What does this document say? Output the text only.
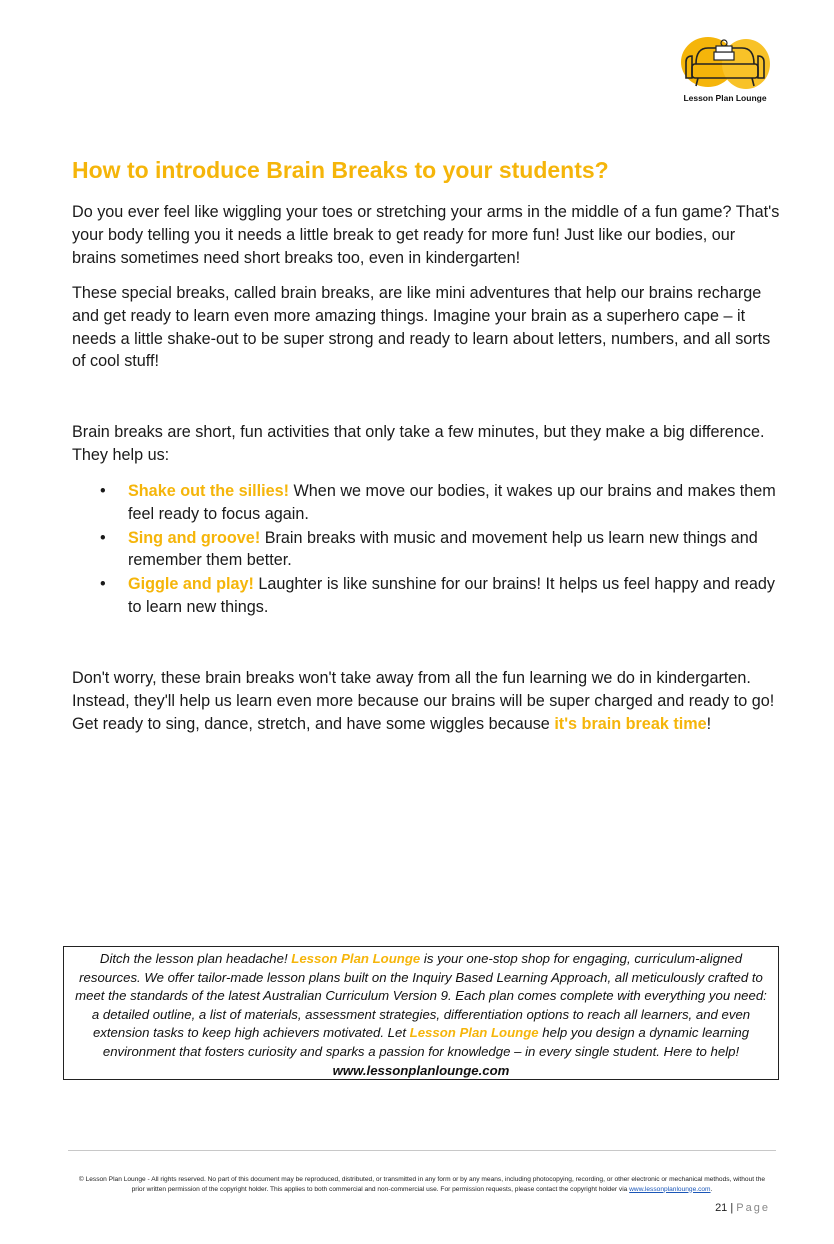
Lesson Plan Lounge
How to introduce Brain Breaks to your students?

Do you ever feel like wiggling your toes or stretching your arms in the middle of a fun game? That's your body telling you it needs a little break to get ready for more fun! Just like our bodies, our brains sometimes need short breaks too, even in kindergarten!

These special breaks, called brain breaks, are like mini adventures that help our brains recharge and get ready to learn even more amazing things. Imagine your brain as a superhero cape – it needs a little shake-out to be super strong and ready to learn about letters, numbers, and all sorts of cool stuff!

Brain breaks are short, fun activities that only take a few minutes, but they make a big difference. They help us:

• Shake out the sillies! When we move our bodies, it wakes up our brains and makes them feel ready to focus again.
• Sing and groove! Brain breaks with music and movement help us learn new things and remember them better.
• Giggle and play! Laughter is like sunshine for our brains! It helps us feel happy and ready to learn new things.

Don't worry, these brain breaks won't take away from all the fun learning we do in kindergarten. Instead, they'll help us learn even more because our brains will be super charged and ready to go! Get ready to sing, dance, stretch, and have some wiggles because it's brain break time!

Ditch the lesson plan headache! Lesson Plan Lounge is your one-stop shop for engaging, curriculum-aligned resources. We offer tailor-made lesson plans built on the Inquiry Based Learning Approach, all meticulously crafted to meet the standards of the latest Australian Curriculum Version 9. Each plan comes complete with everything you need: a detailed outline, a list of materials, assessment strategies, differentiation options to reach all learners, and even extension tasks to keep high achievers motivated. Let Lesson Plan Lounge help you design a dynamic learning environment that fosters curiosity and sparks a passion for knowledge – in every single student. Here to help! www.lessonplanlounge.com
© Lesson Plan Lounge - All rights reserved. No part of this document may be reproduced, distributed, or transmitted in any form or by any means, including photocopying, recording, or other electronic or mechanical methods, without the prior written permission of the copyright holder. This applies to both commercial and non-commercial use. For permission requests, please contact the copyright holder via www.lessonplanlounge.com.
21 | Page
